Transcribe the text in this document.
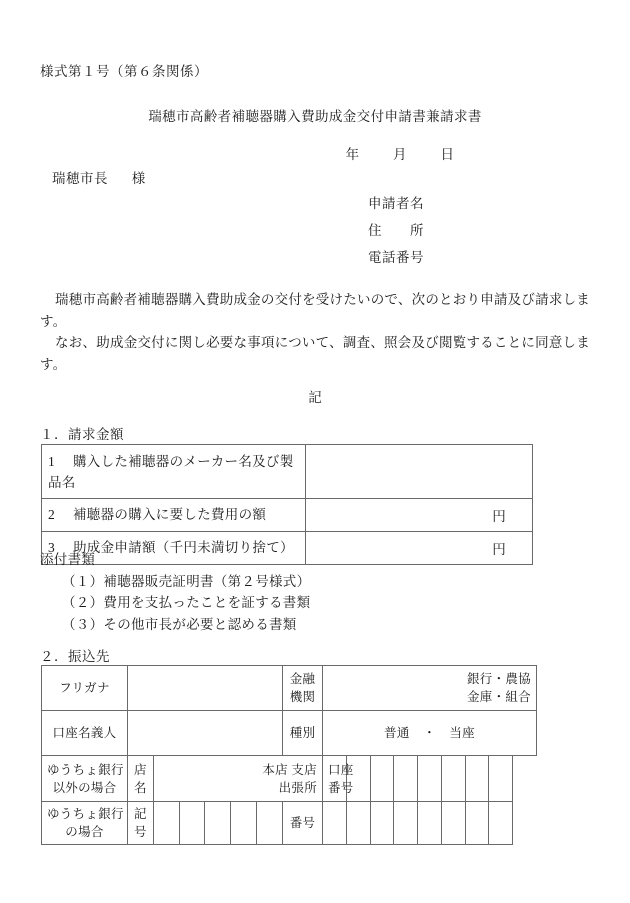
様式第１号（第６条関係）
瑞穂市高齢者補聴器購入費助成金交付申請書兼請求書
年 月 日
瑞穂市長 様
申請者名
住　　所
電話番号
瑞穂市高齢者補聴器購入費助成金の交付を受けたいので、次のとおり申請及び請求します。
なお、助成金交付に関し必要な事項について、調査、照会及び閲覧することに同意します。
記
１．請求金額
1 購入した補聴器のメーカー名及び製品名	
2 補聴器の購入に要した費用の額	円
3 助成金申請額（千円未満切り捨て）	円
添付書類
（１）補聴器販売証明書（第２号様式）
（２）費用を支払ったことを証する書類
（３）その他市長が必要と認める書類
２．振込先
フリガナ							金融
機関	銀行・農協
金庫・組合							
口座名義人							種別	普通 ・ 当座							
ゆうちょ銀行
以外の場合	店名	本店 支店
出張所						口座
番号							
ゆうちょ銀行
の場合	記号						番号								
